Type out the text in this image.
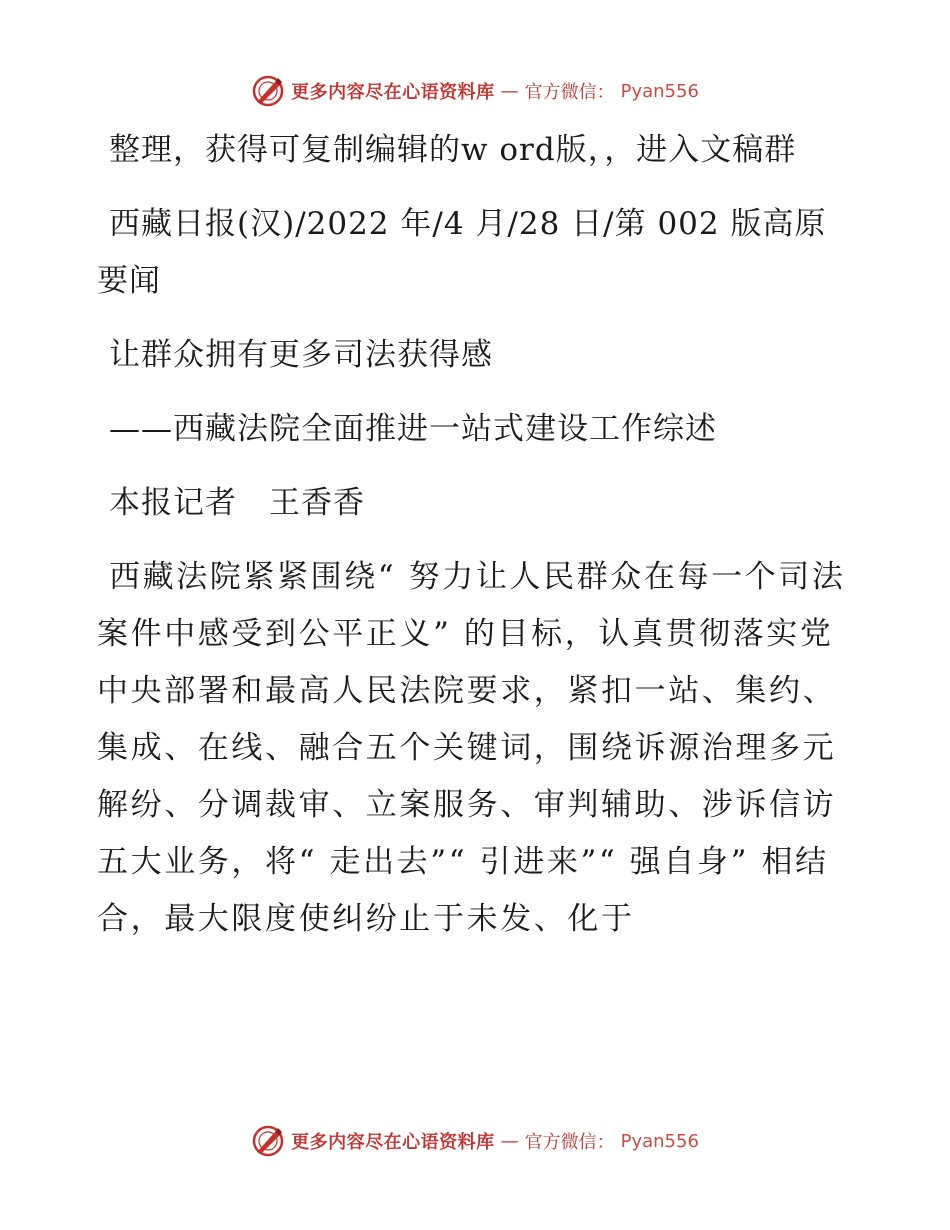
更多内容尽在心语资料库 — 官方微信： Pyan556

整理，获得可复制编辑的w ord版，，进入文稿群

西藏日报(汉)/2022 年/4 月/28 日/第 002 版高原要闻

让群众拥有更多司法获得感

——西藏法院全面推进一站式建设工作综述

本报记者　王香香

西藏法院紧紧围绕“ 努力让人民群众在每一个司法案件中感受到公平正义” 的目标，认真贯彻落实党中央部署和最高人民法院要求，紧扣一站、集约、集成、在线、融合五个关键词，围绕诉源治理多元解纷、分调裁审、立案服务、审判辅助、涉诉信访五大业务，将“ 走出去”“ 引进来”“ 强自身” 相结合，最大限度使纠纷止于未发、化于

更多内容尽在心语资料库 — 官方微信： Pyan556
